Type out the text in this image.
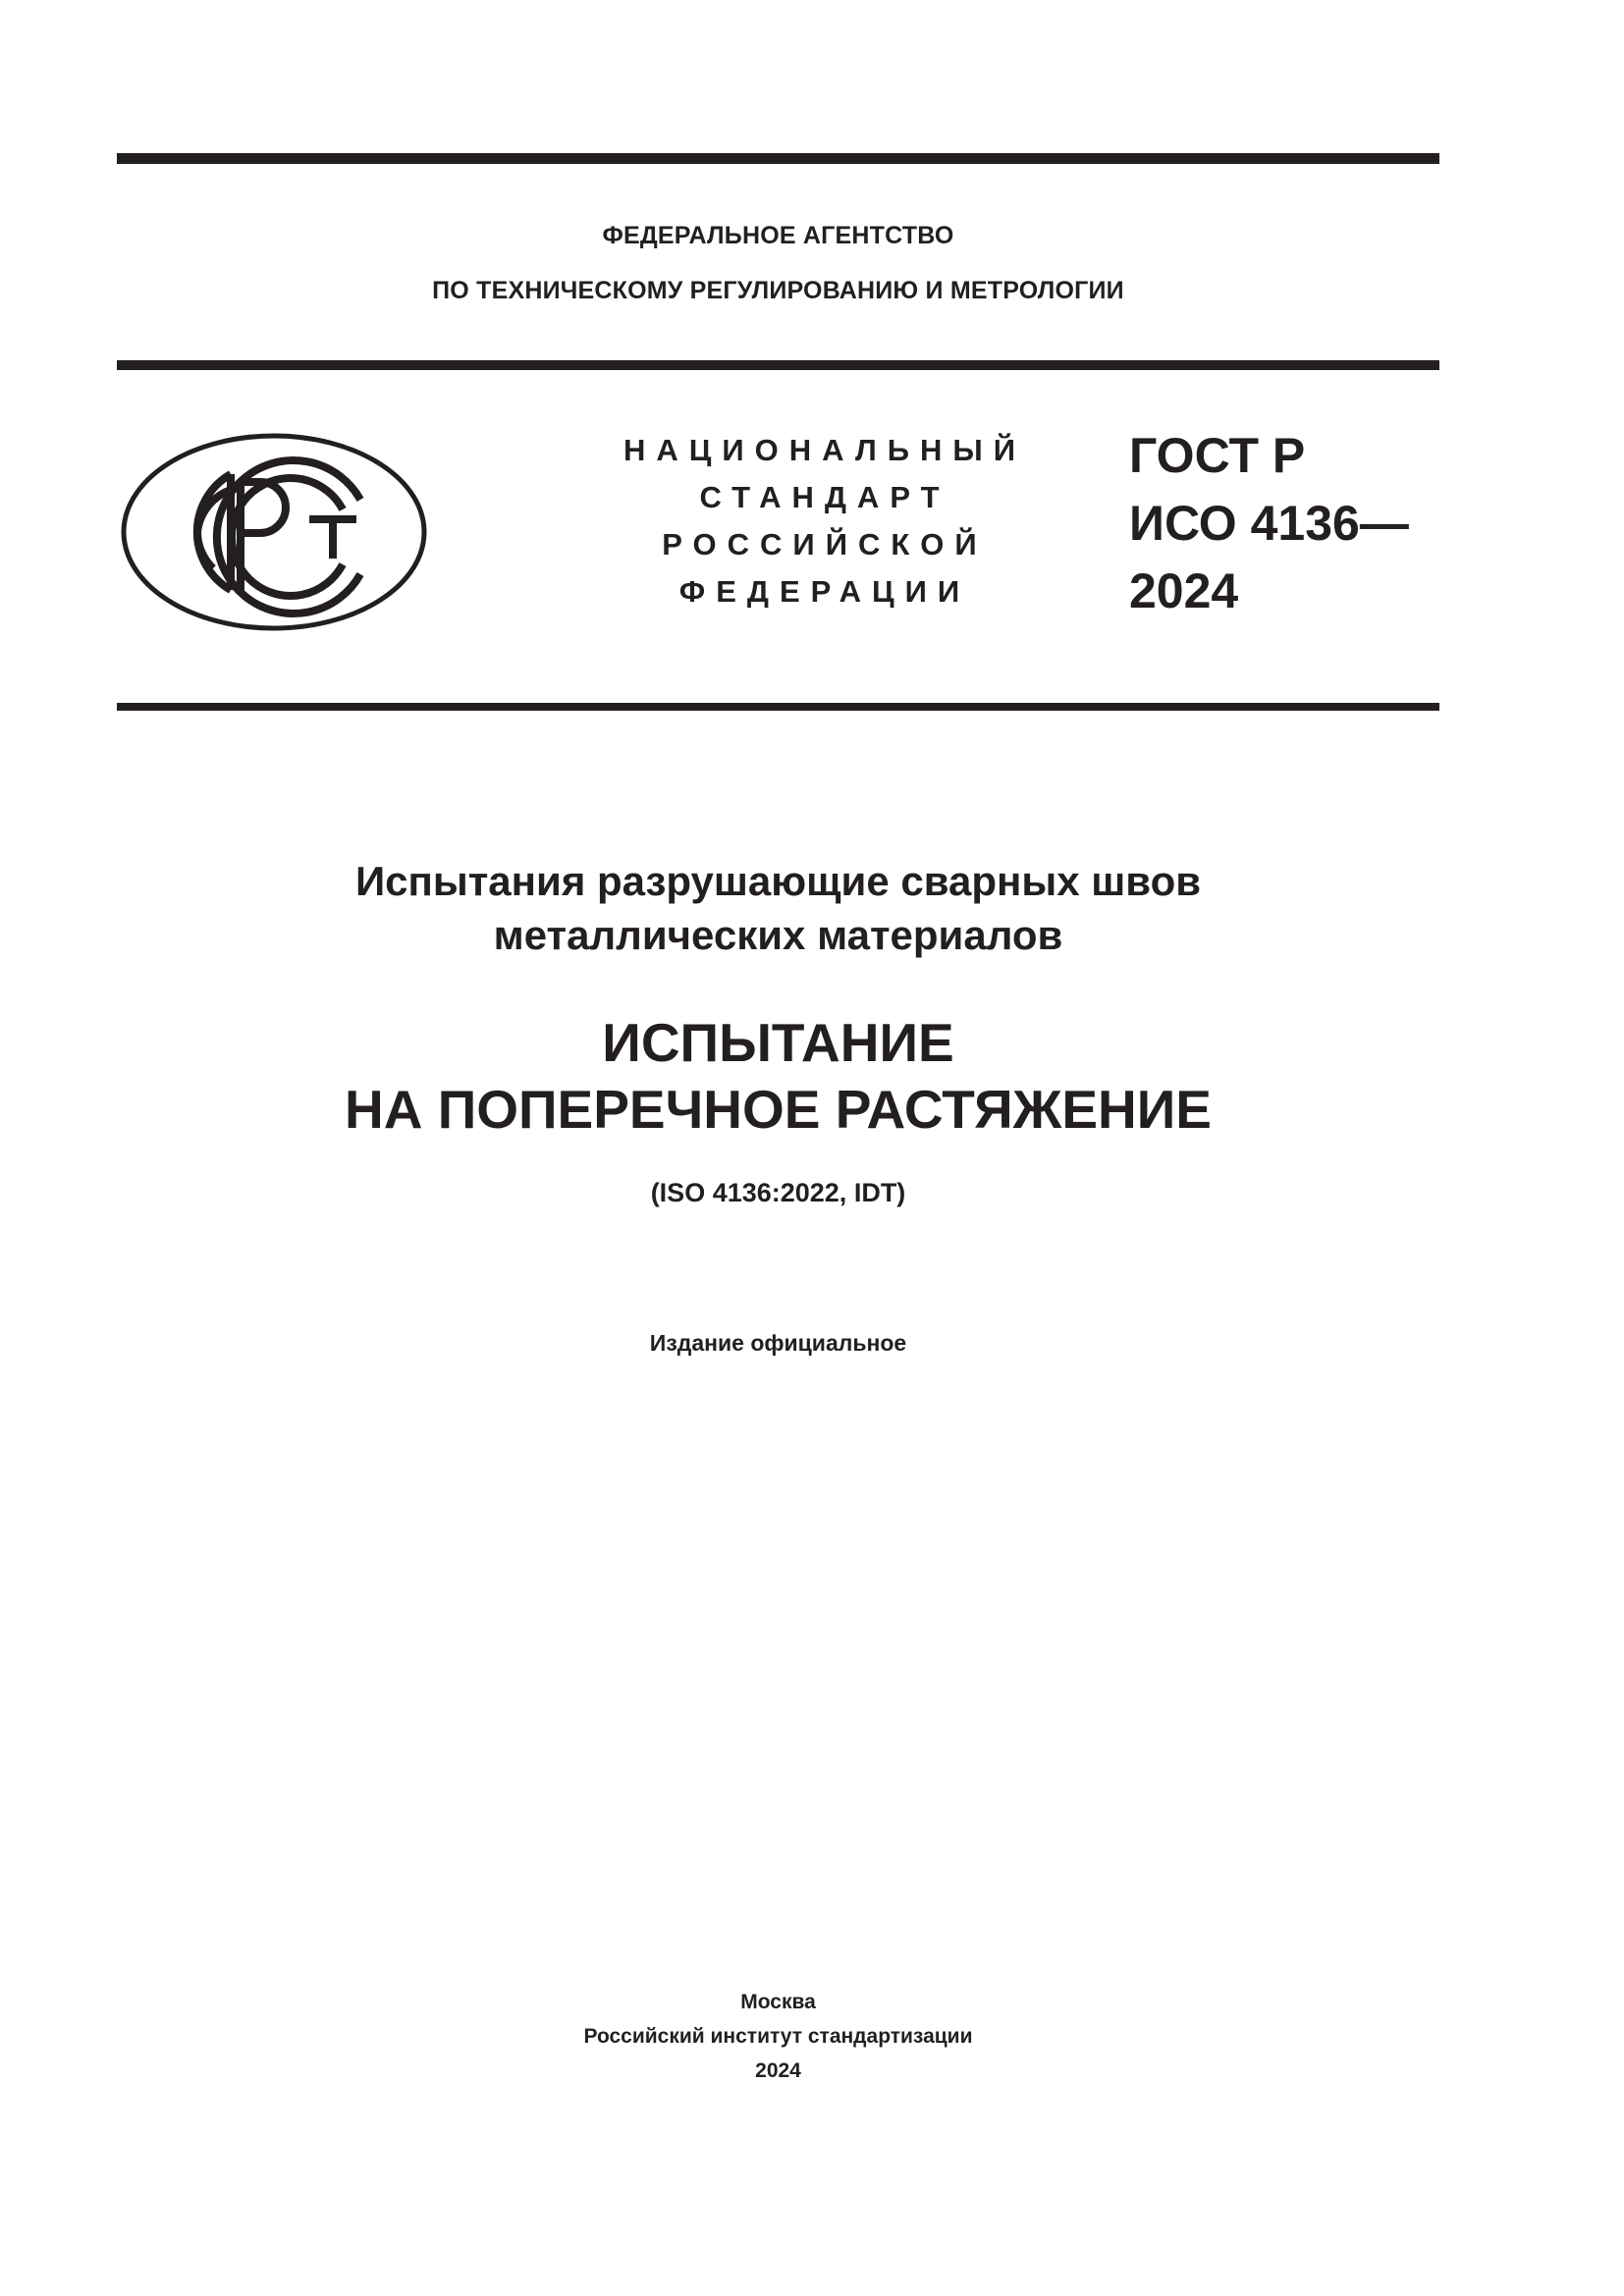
ФЕДЕРАЛЬНОЕ АГЕНТСТВО
ПО ТЕХНИЧЕСКОМУ РЕГУЛИРОВАНИЮ И МЕТРОЛОГИИ
НАЦИОНАЛЬНЫЙ
СТАНДАРТ
РОССИЙСКОЙ
ФЕДЕРАЦИИ
ГОСТ Р
ИСО 4136—
2024
Испытания разрушающие сварных швов
металлических материалов
ИСПЫТАНИЕ
НА ПОПЕРЕЧНОЕ РАСТЯЖЕНИЕ
(ISO 4136:2022, IDT)
Издание официальное
Москва
Российский институт стандартизации
2024
